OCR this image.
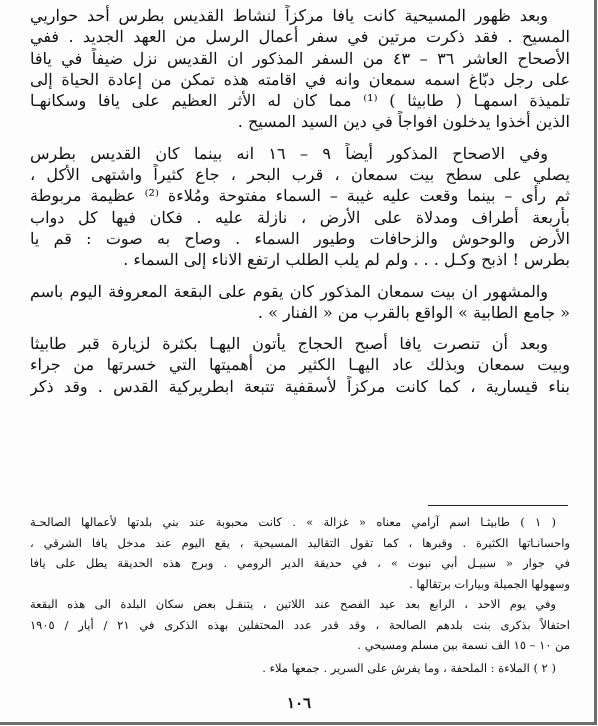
وبعد ظهور المسيحية كانت يافا مركزاً لنشاط القديس بطرس أحد حواريي
المسيح . فقد ذكرت مرتين في سفر أعمال الرسل من العهد الجديد . ففي
الأصحاح العاشر ٣٦ – ٤٣ من السفر المذكور ان القديس نزل ضيفاً في يافا
على رجل دبّاغ اسمه سمعان وانه في اقامته هذه تمكن من إعادة الحياة إلى
تلميذة اسمهـا ( طابيثا ) ⁽¹⁾ مما كان له الأثر العظيم على يافا وسكانهـا
الذين أخذوا يدخلون افواجاً في دين السيد المسيح .
وفي الاصحاح المذكور أيضاً ٩ – ١٦ انه بينما كان القديس بطرس
يصلي على سطح بيت سمعان ، قرب البحر ، جاع كثيراً واشتهى الأكل ،
ثم رأى – بينما وقعت عليه غيبة – السماء مفتوحة ومُلاءة ⁽²⁾ عظيمة مربوطة
بأربعة أطراف ومدلاة على الأرض ، نازلة عليه . فكان فيها كل دواب
الأرض والوحوش والزحافات وطيور السماء . وصاح به صوت : قم يا
بطرس ! اذبح وكـل . . . ولم لم يلب الطلب ارتفع الاناء إلى السماء .
والمشهور ان بيت سمعان المذكور كان يقوم على البقعة المعروفة اليوم باسم
« جامع الطابية » الواقع بالقرب من « الفنار » .
وبعد أن تنصرت يافا أصبح الحجاج يأتون اليهـا بكثرة لزيارة قبر طابيثا
وبيت سمعان وبذلك عاد اليهـا الكثير من أهميتها التي خسرتها من جراء
بناء قيسارية ، كما كانت مركزاً لأسقفية تتبعة ابطريركية القدس . وقد ذكر
( ١ ) طابيثـا اسم آرامي معناه « غزالة » . كانت محبوبة عند بني بلدتها لأعمالها الصالحـة
واحسانـاتها الكثيرة . وقبرها ، كما تقول التقاليد المسيحية ، يقع اليوم عند مدخل يافا الشرقي ،
في جوار « سبيـل أبي نبوت » ، في حديقة الدير الرومي . وبرج هذه الحديقة يطل على يافا
وسهولها الجميلة وبيارات برتقالها .
وفي يوم الاحد ، الرابع بعد عيد الفصح عند اللاتين ، يتنقـل بعض سكان البلدة الى هذه البقعة
احتفالاً بذكرى بنت بلدهم الصالحة ، وقد قدر عدد المحتفلين بهذه الذكرى في ٢١ / أيار / ١٩٠٥
من ١٠ – ١٥ الف نسمة بين مسلم ومسيحي .
( ٢ ) الملاءة : الملحفة ، وما يفرش على السرير . جمعها ملاء .
١٠٦
